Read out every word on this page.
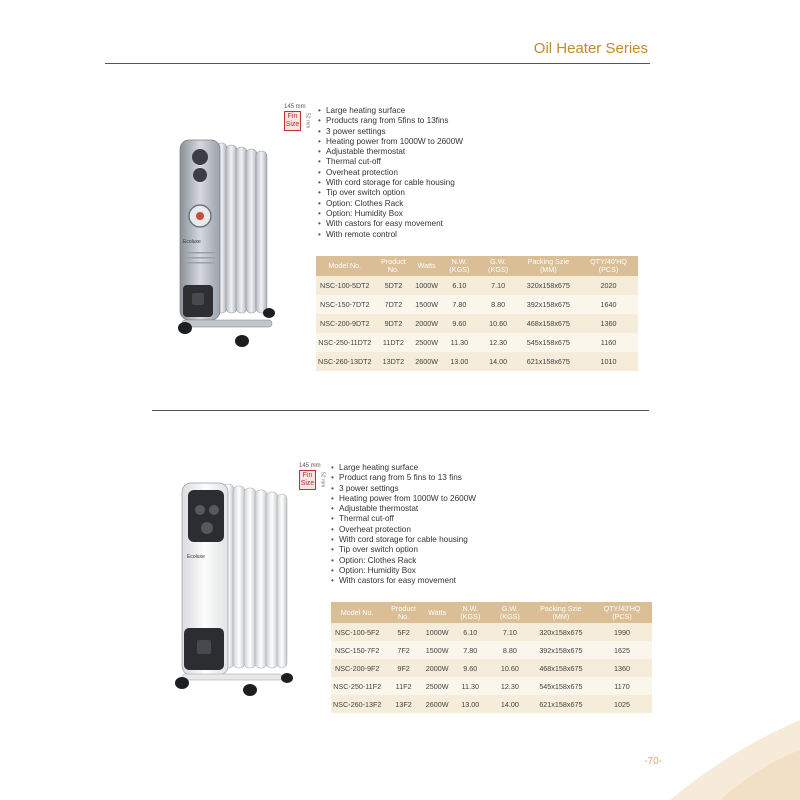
Oil Heater Series
Ecoluxe
145 mm
Fin
Size 52 mm
• Large heating surface
• Products rang from 5fins to 13fins
• 3 power settings
• Heating power from 1000W to 2600W
• Adjustable thermostat
• Thermal cut-off
• Overheat protection
• With cord storage for cable housing
• Tip over switch option
• Option: Clothes Rack
• Option: Humidity Box
• With castors for easy movement
• With remote control
Model No.	Product No.	Watts	N.W. (KGS)	G.W. (KGS)	Packing Szie (MM)	QTY/40'HQ (PCS)
NSC-100-5DT2	5DT2	1000W	6.10	7.10	320x158x675	2020
NSC-150-7DT2	7DT2	1500W	7.80	8.80	392x158x675	1640
NSC-200-9DT2	9DT2	2000W	9.60	10.60	468x158x675	1360
NSC-250-11DT2	11DT2	2500W	11.30	12.30	545x158x675	1160
NSC-260-13DT2	13DT2	2600W	13.00	14.00	621x158x675	1010
Ecoluxe
145 mm
Fin
Size 52 mm
• Large heating surface
• Product rang from 5 fins to 13 fins
• 3 power settings
• Heating power from 1000W to 2600W
• Adjustable thermostat
• Thermal cut-off
• Overheat protection
• With cord storage for cable housing
• Tip over switch option
• Option: Clothes Rack
• Option: Humidity Box
• With castors for easy movement
Model No.	Product No.	Watts	N.W. (KGS)	G.W. (KGS)	Packing Szie (MM)	QTY/40'HQ (PCS)
NSC-100-5F2	5F2	1000W	6.10	7.10	320x158x675	1990
NSC-150-7F2	7F2	1500W	7.80	8.80	392x158x675	1625
NSC-200-9F2	9F2	2000W	9.60	10.60	468x158x675	1360
NSC-250-11F2	11F2	2500W	11.30	12.30	545x158x675	1170
NSC-260-13F2	13F2	2600W	13.00	14.00	621x158x675	1025
-70-
